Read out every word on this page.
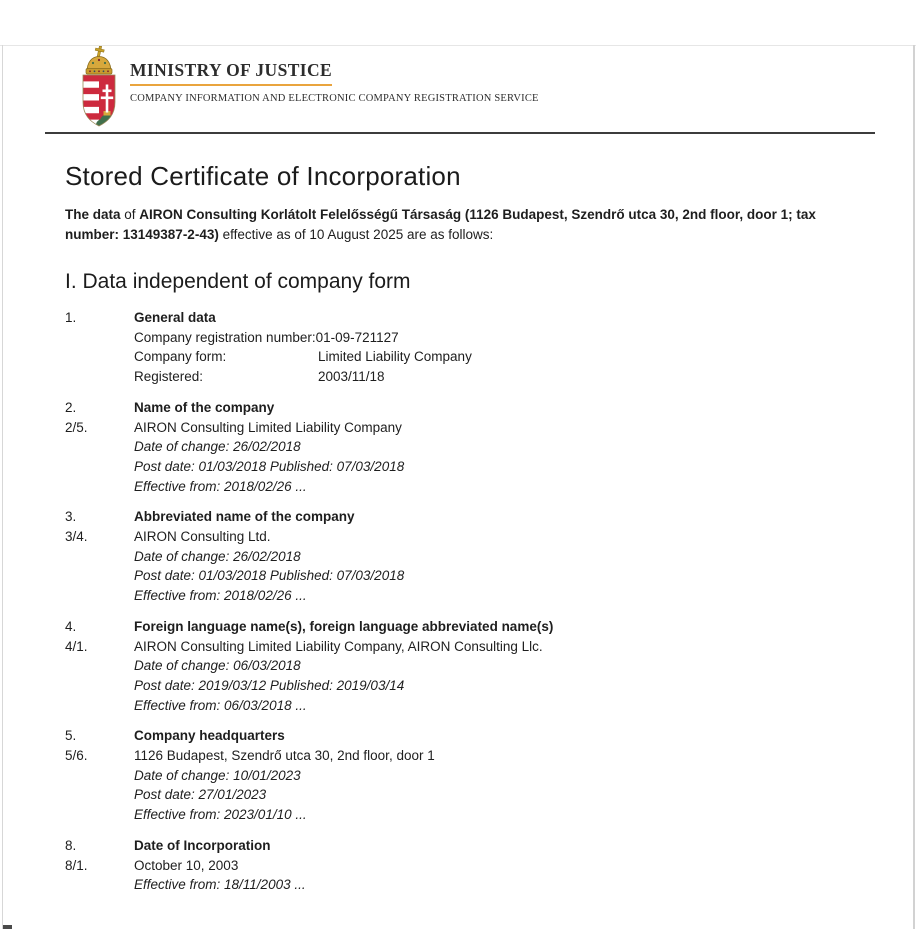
MINISTRY OF JUSTICE
COMPANY INFORMATION AND ELECTRONIC COMPANY REGISTRATION SERVICE
Stored Certificate of Incorporation

The data of AIRON Consulting Korlátolt Felelősségű Társaság (1126 Budapest, Szendrő utca 30, 2nd floor, door 1; tax number: 13149387-2-43) effective as of 10 August 2025 are as follows:

I. Data independent of company form
1.	General data
Company registration number:01-09-721127
Company form:	Limited Liability Company
Registered:	2003/11/18
2.	Name of the company
2/5.	AIRON Consulting Limited Liability Company
Date of change: 26/02/2018
Post date: 01/03/2018 Published: 07/03/2018
Effective from: 2018/02/26 ...
3.	Abbreviated name of the company
3/4.	AIRON Consulting Ltd.
Date of change: 26/02/2018
Post date: 01/03/2018 Published: 07/03/2018
Effective from: 2018/02/26 ...
4.	Foreign language name(s), foreign language abbreviated name(s)
4/1.	AIRON Consulting Limited Liability Company, AIRON Consulting Llc.
Date of change: 06/03/2018
Post date: 2019/03/12 Published: 2019/03/14
Effective from: 06/03/2018 ...
5.	Company headquarters
5/6.	1126 Budapest, Szendrő utca 30, 2nd floor, door 1
Date of change: 10/01/2023
Post date: 27/01/2023
Effective from: 2023/01/10 ...
8.	Date of Incorporation
8/1.	October 10, 2003
Effective from: 18/11/2003 ...
